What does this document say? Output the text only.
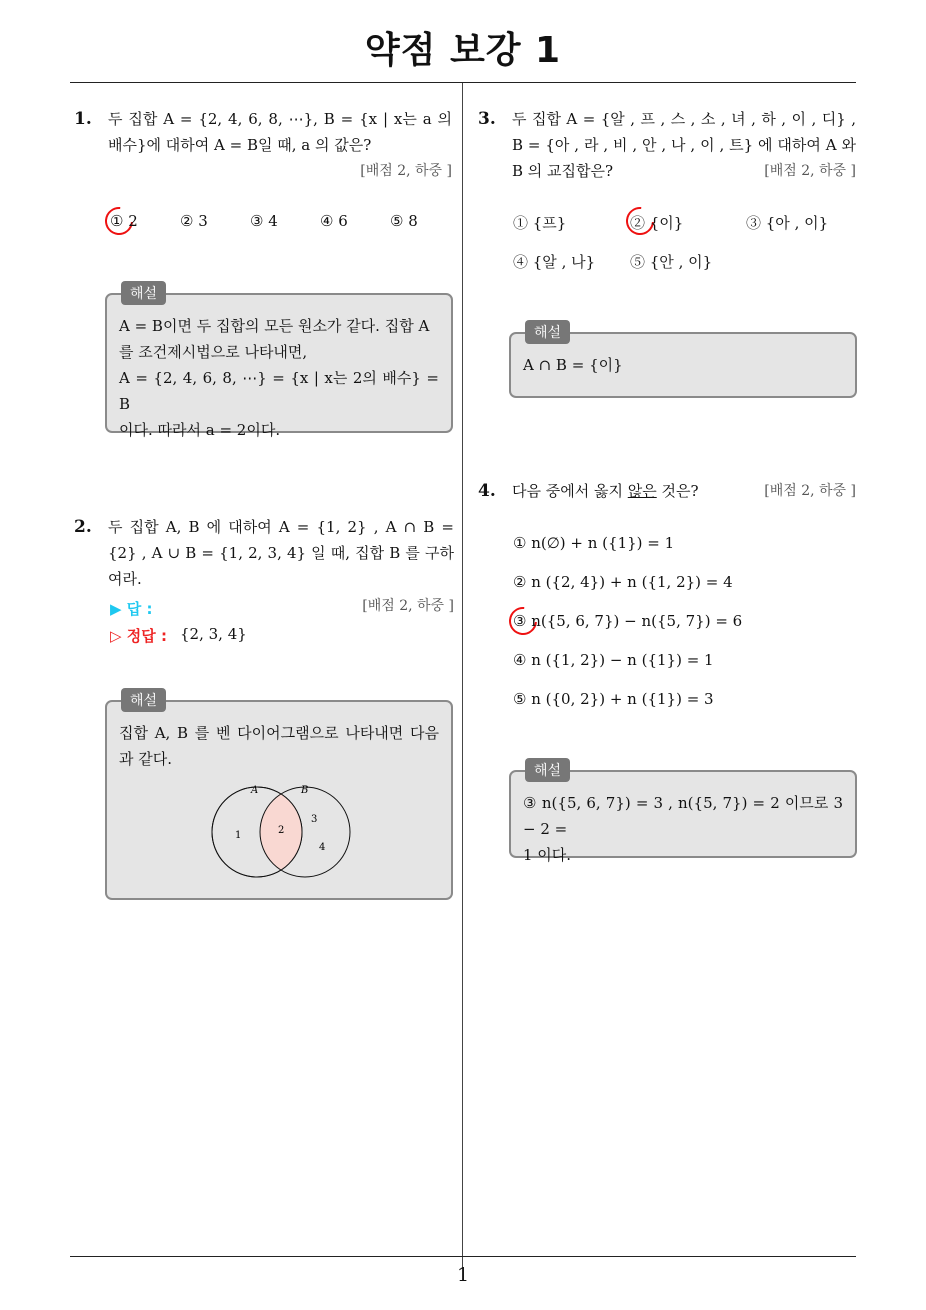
약점 보강 1
1
1. 두 집합 A = {2, 4, 6, 8, ⋯}, B = {x | x는 a 의 배수}에 대하여 A = B일 때, a 의 값은?
[배점 2, 하중 ]
① 2	② 3	③ 4	④ 6	⑤ 8
해설
A = B이면 두 집합의 모든 원소가 같다. 집합 A
를 조건제시법으로 나타내면,
A = {2, 4, 6, 8, ⋯} = {x | x는 2의 배수} = B
이다. 따라서 a = 2이다.
2. 두 집합 A, B 에 대하여 A = {1, 2} , A ∩ B = {2} , A ∪ B = {1, 2, 3, 4} 일 때, 집합 B 를 구하여라.
[배점 2, 하중 ]
▶ 답 :
▷ 정답 : {2, 3, 4}
해설
집합 A, B 를 벤 다이어그램으로 나타내면 다음과 같다.
A	B
1	2
3
4
3. 두 집합 A = {알 , 프 , 스 , 소 , 녀 , 하 , 이 , 디} , B = {아 , 라 , 비 , 안 , 나 , 이 , 트} 에 대하여 A 와 B 의 교집합은?	[배점 2, 하중 ]
① {프}	② {이}	③ {아 , 이}
④ {알 , 나} ⑤ {안 , 이}
해설
A ∩ B = {이}
4. 다음 중에서 옳지 않은 것은?	[배점 2, 하중 ]
① n(∅) + n ({1}) = 1
② n ({2, 4}) + n ({1, 2}) = 4
③ n({5, 6, 7}) − n({5, 7}) = 6
④ n ({1, 2}) − n ({1}) = 1
⑤ n ({0, 2}) + n ({1}) = 3
해설
③ n({5, 6, 7}) = 3 , n({5, 7}) = 2 이므로 3 − 2 =
1 이다.
